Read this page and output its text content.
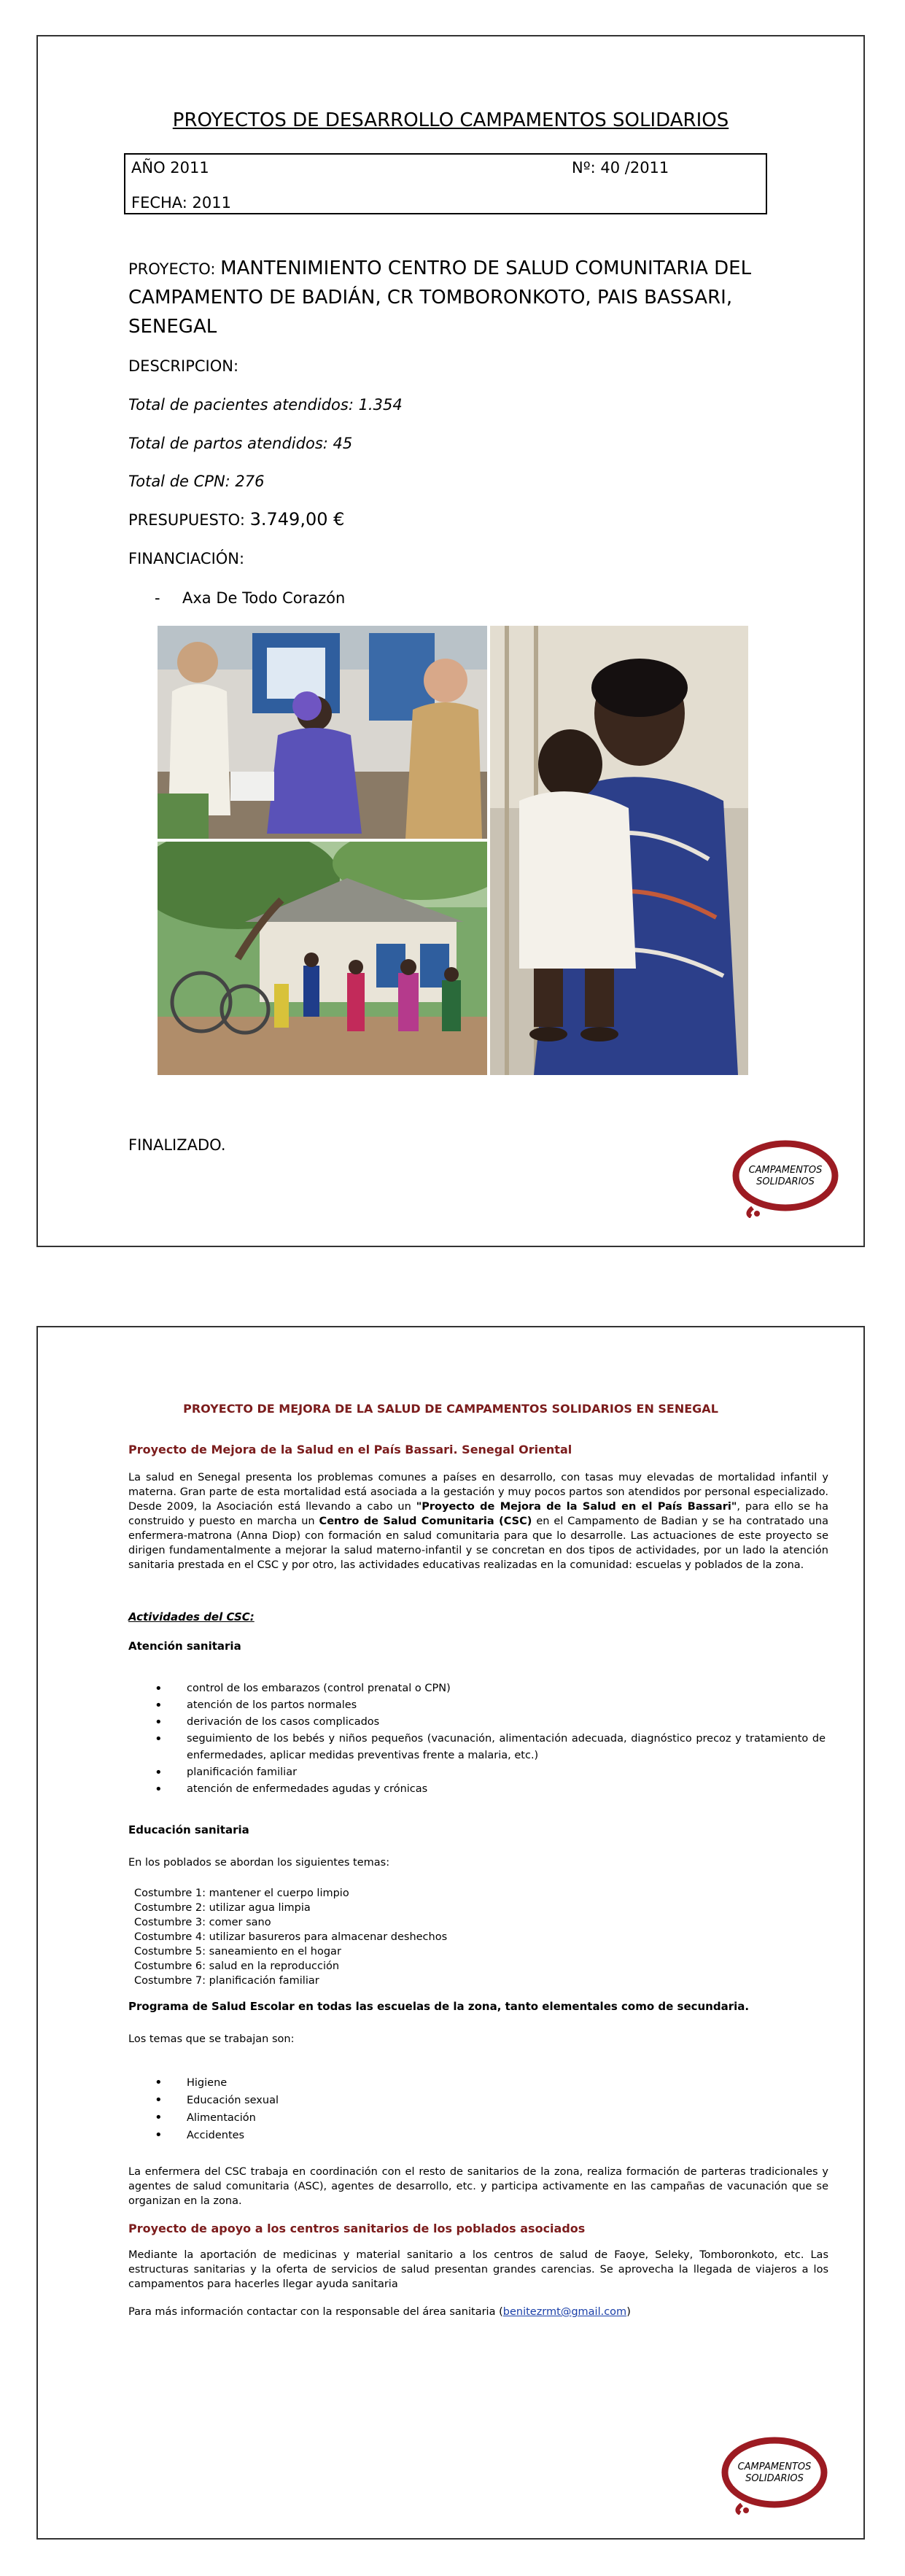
PROYECTOS DE DESARROLLO CAMPAMENTOS SOLIDARIOS
AÑO 2011	Nº: 40 /2011
FECHA: 2011
PROYECTO: MANTENIMIENTO CENTRO DE SALUD COMUNITARIA DEL CAMPAMENTO DE BADIÁN, CR TOMBORONKOTO, PAIS BASSARI, SENEGAL
DESCRIPCION:
Total de pacientes atendidos: 1.354
Total de partos atendidos: 45
Total de CPN: 276
PRESUPUESTO: 3.749,00 €
FINANCIACIÓN:
- Axa De Todo Corazón
FINALIZADO.
CAMPAMENTOS
SOLIDARIOS
PROYECTO DE MEJORA DE LA SALUD DE CAMPAMENTOS SOLIDARIOS EN SENEGAL
Proyecto de Mejora de la Salud en el País Bassari. Senegal Oriental
La salud en Senegal presenta los problemas comunes a países en desarrollo, con tasas muy elevadas de mortalidad infantil y materna. Gran parte de esta mortalidad está asociada a la gestación y muy pocos partos son atendidos por personal especializado. Desde 2009, la Asociación está llevando a cabo un "Proyecto de Mejora de la Salud en el País Bassari", para ello se ha construido y puesto en marcha un Centro de Salud Comunitaria (CSC) en el Campamento de Badian y se ha contratado una enfermera-matrona (Anna Diop) con formación en salud comunitaria para que lo desarrolle. Las actuaciones de este proyecto se dirigen fundamentalmente a mejorar la salud materno-infantil y se concretan en dos tipos de actividades, por un lado la atención sanitaria prestada en el CSC y por otro, las actividades educativas realizadas en la comunidad: escuelas y poblados de la zona.
Actividades del CSC:
Atención sanitaria
• control de los embarazos (control prenatal o CPN)
• atención de los partos normales
• derivación de los casos complicados
• seguimiento de los bebés y niños pequeños (vacunación, alimentación adecuada, diagnóstico precoz y tratamiento de enfermedades, aplicar medidas preventivas frente a malaria, etc.)
• planificación familiar
• atención de enfermedades agudas y crónicas
Educación sanitaria
En los poblados se abordan los siguientes temas:
Costumbre 1: mantener el cuerpo limpio
Costumbre 2: utilizar agua limpia
Costumbre 3: comer sano
Costumbre 4: utilizar basureros para almacenar deshechos
Costumbre 5: saneamiento en el hogar
Costumbre 6: salud en la reproducción
Costumbre 7: planificación familiar
Programa de Salud Escolar en todas las escuelas de la zona, tanto elementales como de secundaria.
Los temas que se trabajan son:
• Higiene
• Educación sexual
• Alimentación
• Accidentes
La enfermera del CSC trabaja en coordinación con el resto de sanitarios de la zona, realiza formación de parteras tradicionales y agentes de salud comunitaria (ASC), agentes de desarrollo, etc. y participa activamente en las campañas de vacunación que se organizan en la zona.
Proyecto de apoyo a los centros sanitarios de los poblados asociados
Mediante la aportación de medicinas y material sanitario a los centros de salud de Faoye, Seleky, Tomboronkoto, etc. Las estructuras sanitarias y la oferta de servicios de salud presentan grandes carencias. Se aprovecha la llegada de viajeros a los campamentos para hacerles llegar ayuda sanitaria
Para más información contactar con la responsable del área sanitaria (benitezrmt@gmail.com)
CAMPAMENTOS
SOLIDARIOS
